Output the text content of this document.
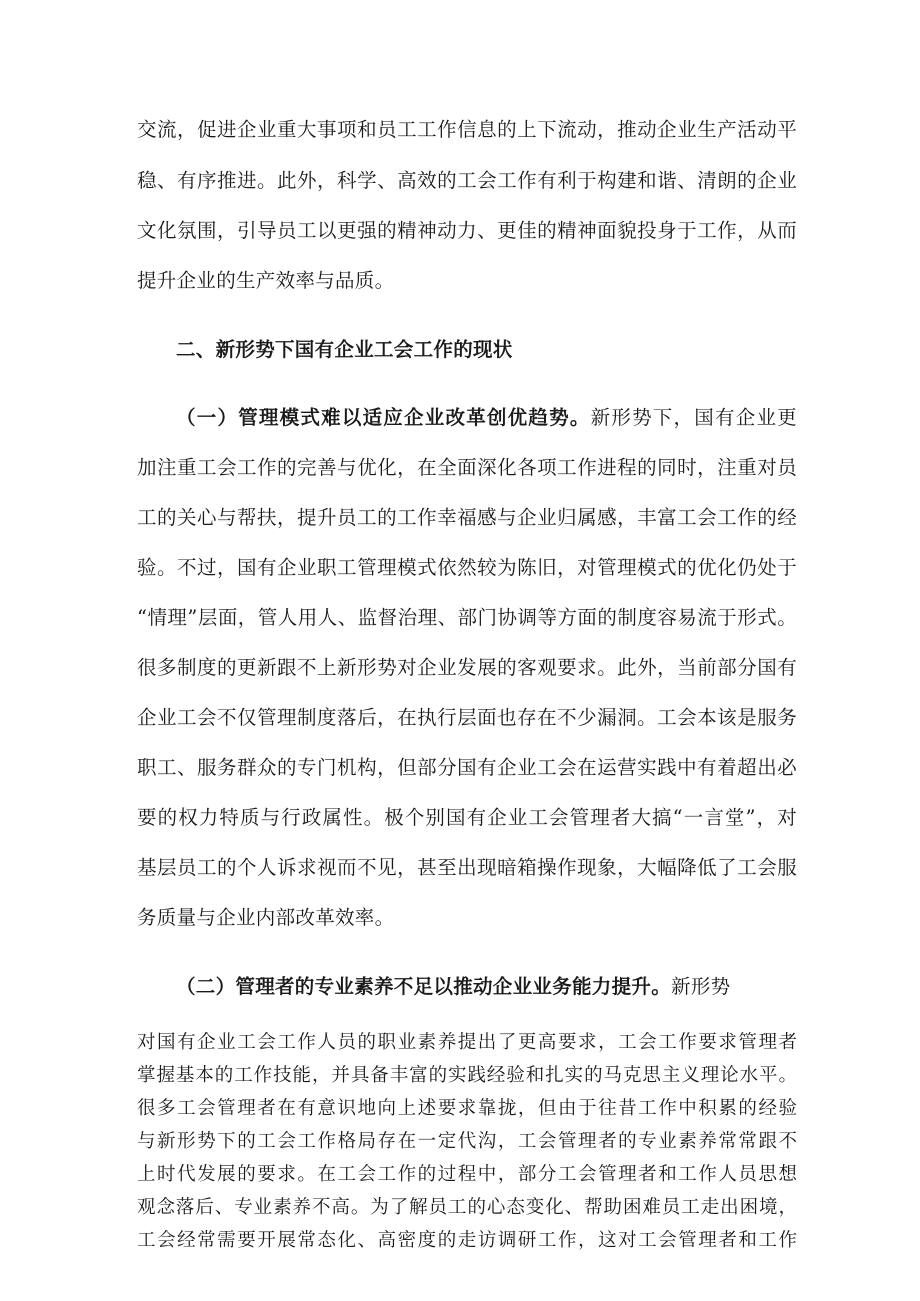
交流，促进企业重大事项和员工工作信息的上下流动，推动企业生产活动平
稳、有序推进。此外，科学、高效的工会工作有利于构建和谐、清朗的企业
文化氛围，引导员工以更强的精神动力、更佳的精神面貌投身于工作，从而
提升企业的生产效率与品质。
二、新形势下国有企业工会工作的现状
（一）管理模式难以适应企业改革创优趋势。新形势下，国有企业更
加注重工会工作的完善与优化，在全面深化各项工作进程的同时，注重对员
工的关心与帮扶，提升员工的工作幸福感与企业归属感，丰富工会工作的经
验。不过，国有企业职工管理模式依然较为陈旧，对管理模式的优化仍处于
“情理”层面，管人用人、监督治理、部门协调等方面的制度容易流于形式。
很多制度的更新跟不上新形势对企业发展的客观要求。此外，当前部分国有
企业工会不仅管理制度落后，在执行层面也存在不少漏洞。工会本该是服务
职工、服务群众的专门机构，但部分国有企业工会在运营实践中有着超出必
要的权力特质与行政属性。极个别国有企业工会管理者大搞“一言堂”，对
基层员工的个人诉求视而不见，甚至出现暗箱操作现象，大幅降低了工会服
务质量与企业内部改革效率。
（二）管理者的专业素养不足以推动企业业务能力提升。新形势
对国有企业工会工作人员的职业素养提出了更高要求，工会工作要求管理者
掌握基本的工作技能，并具备丰富的实践经验和扎实的马克思主义理论水平。
很多工会管理者在有意识地向上述要求靠拢，但由于往昔工作中积累的经验
与新形势下的工会工作格局存在一定代沟，工会管理者的专业素养常常跟不
上时代发展的要求。在工会工作的过程中，部分工会管理者和工作人员思想
观念落后、专业素养不高。为了解员工的心态变化、帮助困难员工走出困境，
工会经常需要开展常态化、高密度的走访调研工作，这对工会管理者和工作
